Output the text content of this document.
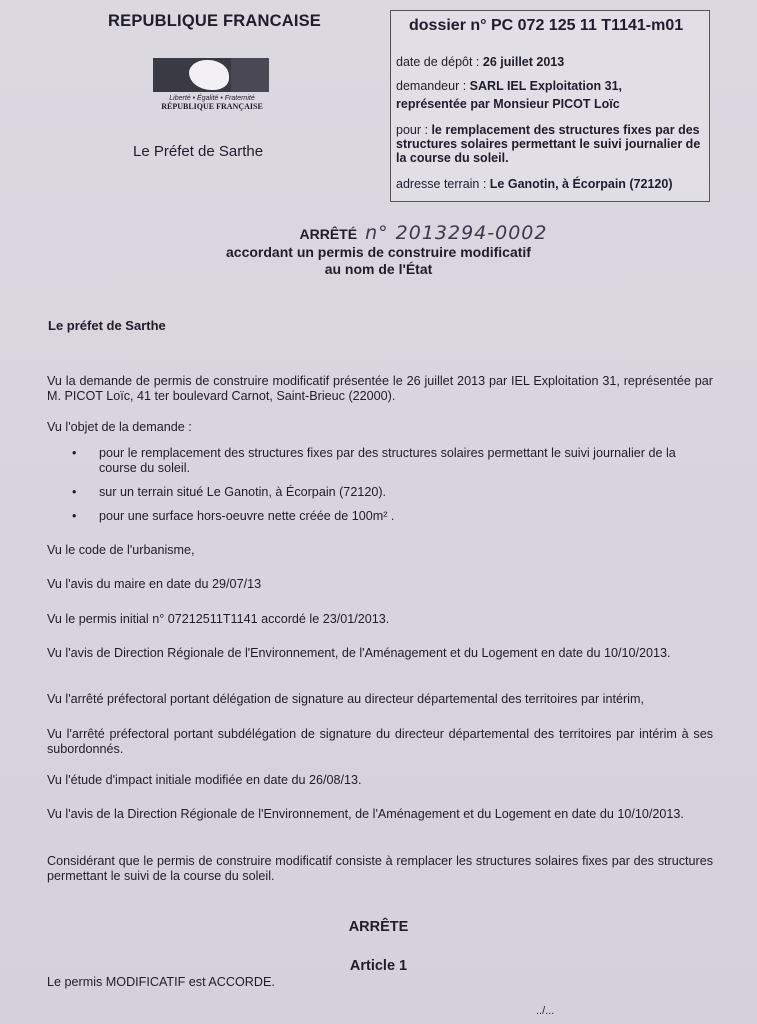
REPUBLIQUE FRANCAISE
Liberté • Égalité • Fraternité
RÉPUBLIQUE FRANÇAISE
Le Préfet de Sarthe
dossier n° PC 072 125 11 T1141-m01
date de dépôt : 26 juillet 2013
demandeur : SARL IEL Exploitation 31,
représentée par Monsieur PICOT Loïc
pour : le remplacement des structures fixes par des structures solaires permettant le suivi journalier de la course du soleil.
adresse terrain : Le Ganotin, à Écorpain (72120)
ARRÊTÉ n° 2013294-0002
accordant un permis de construire modificatif
au nom de l'État
Le préfet de Sarthe
Vu la demande de permis de construire modificatif présentée le 26 juillet 2013 par IEL Exploitation 31, représentée par M. PICOT Loïc, 41 ter boulevard Carnot, Saint-Brieuc (22000).
Vu l'objet de la demande :
• pour le remplacement des structures fixes par des structures solaires permettant le suivi journalier de la course du soleil.
• sur un terrain situé Le Ganotin, à Écorpain (72120).
• pour une surface hors-oeuvre nette créée de 100m² .
Vu le code de l'urbanisme,
Vu l'avis du maire en date du 29/07/13
Vu le permis initial n° 07212511T1141 accordé le 23/01/2013.
Vu l'avis de Direction Régionale de l'Environnement, de l'Aménagement et du Logement en date du 10/10/2013.
Vu l'arrêté préfectoral portant délégation de signature au directeur départemental des territoires par intérim,
Vu l'arrêté préfectoral portant subdélégation de signature du directeur départemental des territoires par intérim à ses subordonnés.
Vu l'étude d'impact initiale modifiée en date du 26/08/13.
Vu l'avis de la Direction Régionale de l'Environnement, de l'Aménagement et du Logement en date du 10/10/2013.
Considérant que le permis de construire modificatif consiste à remplacer les structures solaires fixes par des structures permettant le suivi de la course du soleil.
ARRÊTE
Article 1
Le permis MODIFICATIF est ACCORDE.
../...
